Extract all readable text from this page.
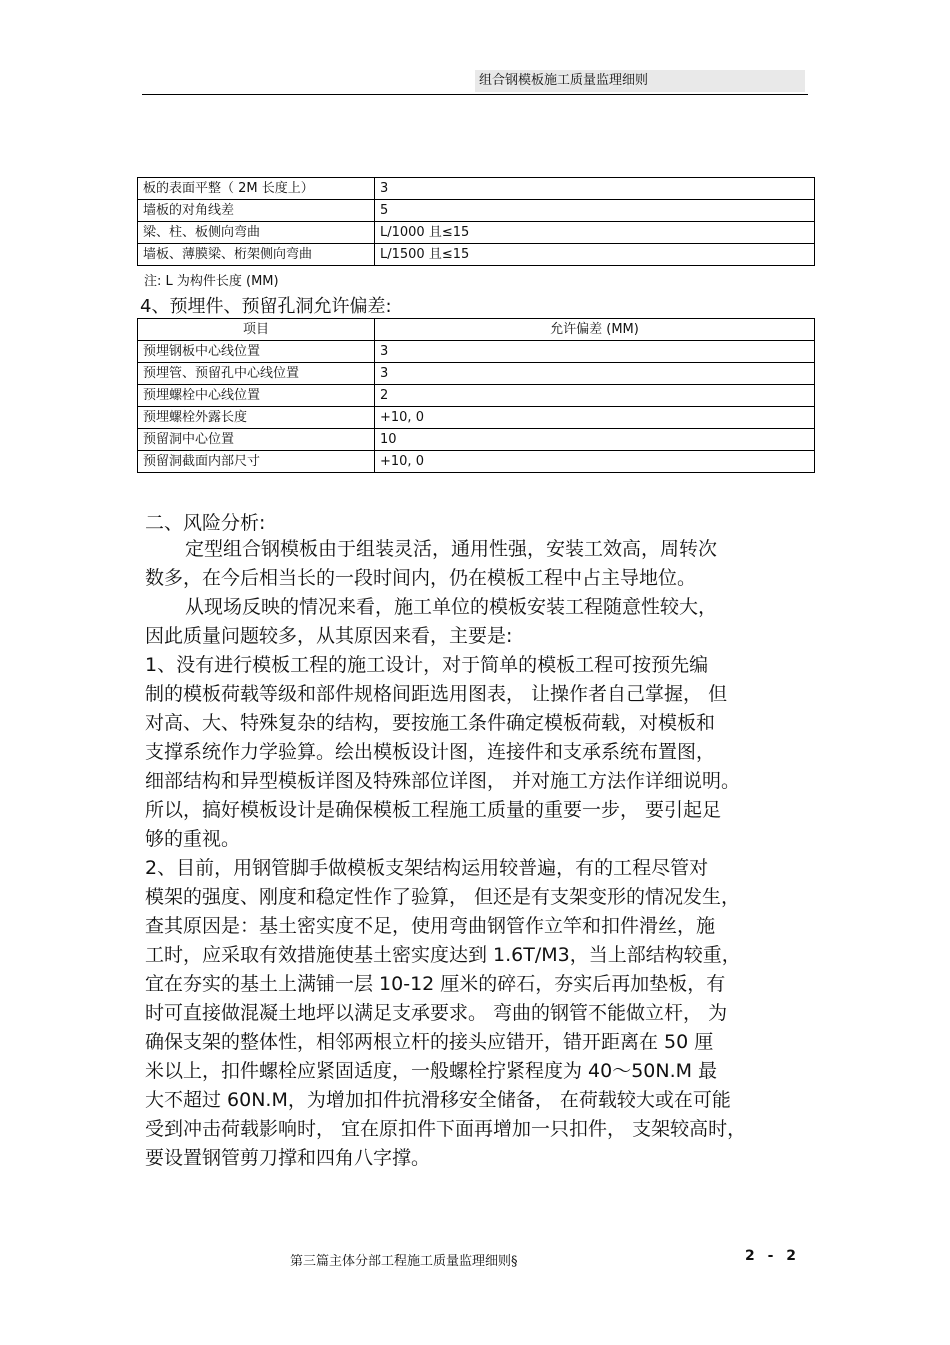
组合钢模板施工质量监理细则
板的表面平整（ 2M 长度上）	3
墙板的对角线差	5
梁、柱、板侧向弯曲	L/1000 且≤15
墙板、薄膜梁、桁架侧向弯曲	L/1500 且≤15
注: L 为构件长度 (MM)
4、预埋件、预留孔洞允许偏差:
项目	允许偏差 (MM)
预埋钢板中心线位置	3
预埋管、预留孔中心线位置	3
预埋螺栓中心线位置	2
预埋螺栓外露长度	+10, 0
预留洞中心位置	10
预留洞截面内部尺寸	+10, 0
二、风险分析:

定型组合钢模板由于组装灵活，通用性强，安装工效高，周转次
数多，在今后相当长的一段时间内，仍在模板工程中占主导地位。

从现场反映的情况来看，施工单位的模板安装工程随意性较大，
因此质量问题较多，从其原因来看，主要是:

1、没有进行模板工程的施工设计，对于简单的模板工程可按预先编
制的模板荷载等级和部件规格间距选用图表， 让操作者自己掌握， 但
对高、大、特殊复杂的结构，要按施工条件确定模板荷载，对模板和
支撑系统作力学验算。绘出模板设计图，连接件和支承系统布置图，
细部结构和异型模板详图及特殊部位详图， 并对施工方法作详细说明。
所以，搞好模板设计是确保模板工程施工质量的重要一步， 要引起足
够的重视。

2、目前，用钢管脚手做模板支架结构运用较普遍，有的工程尽管对
模架的强度、刚度和稳定性作了验算， 但还是有支架变形的情况发生，
查其原因是：基土密实度不足，使用弯曲钢管作立竿和扣件滑丝，施
工时，应采取有效措施使基土密实度达到 1.6T/M3，当上部结构较重，
宜在夯实的基土上满铺一层 10-12 厘米的碎石，夯实后再加垫板，有
时可直接做混凝土地坪以满足支承要求。 弯曲的钢管不能做立杆， 为
确保支架的整体性，相邻两根立杆的接头应错开，错开距离在 50 厘
米以上，扣件螺栓应紧固适度，一般螺栓拧紧程度为 40～50N.M 最
大不超过 60N.M，为增加扣件抗滑移安全储备， 在荷载较大或在可能
受到冲击荷载影响时， 宜在原扣件下面再增加一只扣件， 支架较高时，
要设置钢管剪刀撑和四角八字撑。

第三篇主体分部工程施工质量监理细则§	2 - 2
